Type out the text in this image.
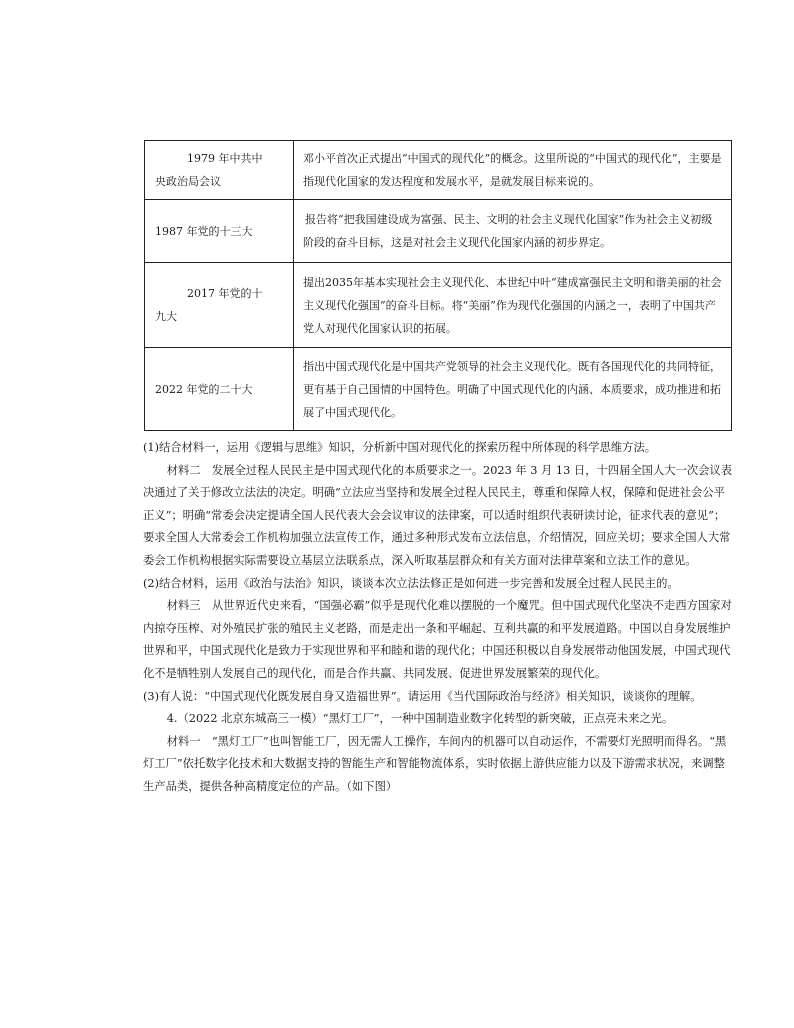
1979 年中共中
央政治局会议	邓小平首次正式提出“中国式的现代化”的概念。这里所说的“中国式的现代化”，主要是指现代化国家的发达程度和发展水平，是就发展目标来说的。
1987 年党的十三大	报告将“把我国建设成为富强、民主、文明的社会主义现代化国家”作为社会主义初级阶段的奋斗目标，这是对社会主义现代化国家内涵的初步界定。
2017 年党的十
九大	提出2035年基本实现社会主义现代化、本世纪中叶“建成富强民主文明和谐美丽的社会主义现代化强国”的奋斗目标。将“美丽”作为现代化强国的内涵之一，表明了中国共产党人对现代化国家认识的拓展。
2022 年党的二十大	指出中国式现代化是中国共产党领导的社会主义现代化。既有各国现代化的共同特征，更有基于自己国情的中国特色。明确了中国式现代化的内涵、本质要求，成功推进和拓展了中国式现代化。

(1)结合材料一，运用《逻辑与思维》知识，分析新中国对现代化的探索历程中所体现的科学思维方法。

材料二　发展全过程人民民主是中国式现代化的本质要求之一。2023 年 3 月 13 日，十四届全国人大一次会议表决通过了关于修改立法法的决定。明确“立法应当坚持和发展全过程人民民主，尊重和保障人权，保障和促进社会公平正义”；明确“常委会决定提请全国人民代表大会会议审议的法律案，可以适时组织代表研读讨论，征求代表的意见”；要求全国人大常委会工作机构加强立法宣传工作，通过多种形式发布立法信息，介绍情况，回应关切；要求全国人大常委会工作机构根据实际需要设立基层立法联系点，深入听取基层群众和有关方面对法律草案和立法工作的意见。

(2)结合材料，运用《政治与法治》知识，谈谈本次立法法修正是如何进一步完善和发展全过程人民民主的。

材料三　从世界近代史来看，“国强必霸”似乎是现代化难以摆脱的一个魔咒。但中国式现代化坚决不走西方国家对内掠夺压榨、对外殖民扩张的殖民主义老路，而是走出一条和平崛起、互利共赢的和平发展道路。中国以自身发展维护世界和平，中国式现代化是致力于实现世界和平和睦和谐的现代化；中国还积极以自身发展带动他国发展，中国式现代化不是牺牲别人发展自己的现代化，而是合作共赢、共同发展、促进世界发展繁荣的现代化。

(3)有人说：“中国式现代化既发展自身又造福世界”。请运用《当代国际政治与经济》相关知识，谈谈你的理解。

4.（2022 北京东城高三一模）“黑灯工厂”，一种中国制造业数字化转型的新突破，正点亮未来之光。

材料一　“黑灯工厂”也叫智能工厂，因无需人工操作，车间内的机器可以自动运作，不需要灯光照明而得名。“黑灯工厂”依托数字化技术和大数据支持的智能生产和智能物流体系，实时依据上游供应能力以及下游需求状况，来调整生产品类，提供各种高精度定位的产品。（如下图）
